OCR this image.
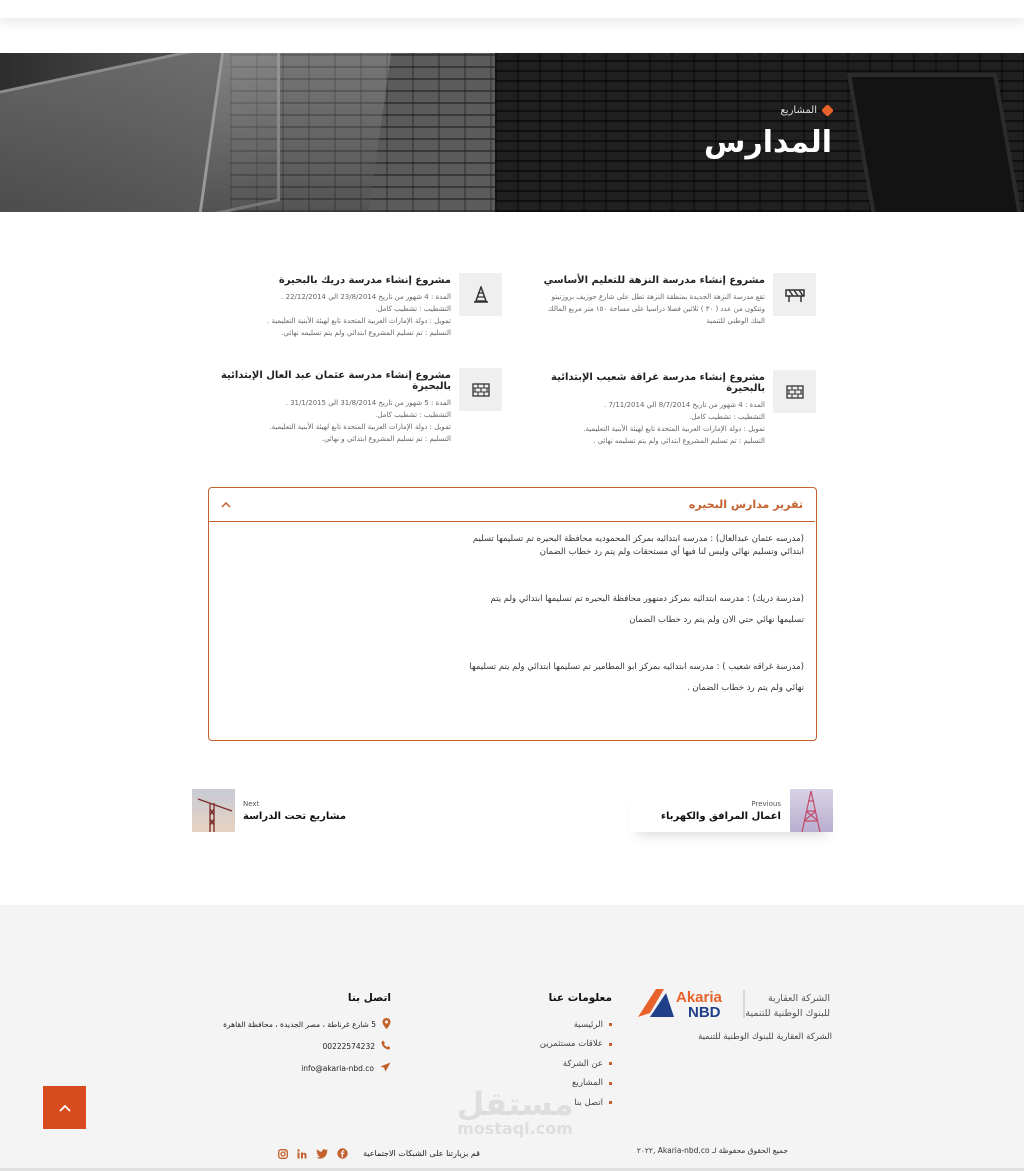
المشاريع
المدارس
مشروع إنشاء مدرسة النزهة للتعليم الأساسي
تقع مدرسة النزهة الجديدة بمنطقة النزهة تطل على شارع جوزيف بروزتيتو
وتتكون من عدد ( ٣٠ ) ثلاثين فصلا دراسيا على مساحة ١٥٠ متر مربع المالك
البنك الوطني للتنمية
مشروع إنشاء مدرسة دريك بالبحيرة
المدة : 4 شهور من تاريخ 23/8/2014 الي 22/12/2014 .
التشطيب : تشطيب كامل.
تمويل : دولة الإمارات العربية المتحدة تابع لهيئة الأبنية التعليمية .
التسليم : تم تسليم المشروع ابتدائي ولم يتم تسليمه نهائي.
مشروع إنشاء مدرسة غراقة شعيب الإبتدائية بالبحيرة
المدة : 4 شهور من تاريخ 8/7/2014 الي 7/11/2014 .
التشطيب : تشطيب كامل.
تمويل : دولة الإمارات العربية المتحدة تابع لهيئة الأبنية التعليمية.
التسليم : تم تسليم المشروع ابتدائي ولم يتم تسليمه نهائي .
مشروع إنشاء مدرسة عثمان عبد العال الإبتدائية بالبحيرة
المدة : 5 شهور من تاريخ 31/8/2014 الي 31/1/2015 .
التشطيب : تشطيب كامل.
تمويل : دولة الإمارات العربية المتحدة تابع لهيئة الأبنية التعليمية.
التسليم : تم تسليم المشروع ابتدائي و نهائي.
تقرير مدارس البحيره

(مدرسه عثمان عبدالعال) : مدرسه ابتدائيه بمركز المحموديه محافظة البحيره تم تسليمها تسليم

ابتدائي وتسليم نهائي وليس لنا فيها أي مستحقات ولم يتم رد خطاب الضمان

(مدرسة دريك) : مدرسه ابتدائيه بمركز دمنهور محافظة البحيره تم تسليمها ابتدائي ولم يتم

تسليمها نهائي حتي الان ولم يتم رد خطاب الضمان

(مدرسة غراقه شعيب ) : مدرسه ابتدائيه بمركز ابو المطامير تم تسليمها ابتدائي ولم يتم تسليمها

نهائي ولم يتم رد خطاب الضمان .

Previous
اعمال المرافق والكهرباء
Next
مشاريع تحت الدراسة
Akaria
NBD
الشركة العقارية
للبنوك الوطنية للتنمية
الشركة العقارية للبنوك الوطنية للتنمية
معلومات عنا
الرئيسية
علاقات مستثمرين
عن الشركة
المشاريع
اتصل بنا
اتصل بنا
5 شارع غرناطة ، مصر الجديدة ، محافظة القاهرة
00222574232
info@akaria-nbd.co
مستقل
mostaql.com
جميع الحقوق محفوظة لـ Akaria-nbd.co ,٢٠٢٢
قم بزيارتنا على الشبكات الاجتماعية
